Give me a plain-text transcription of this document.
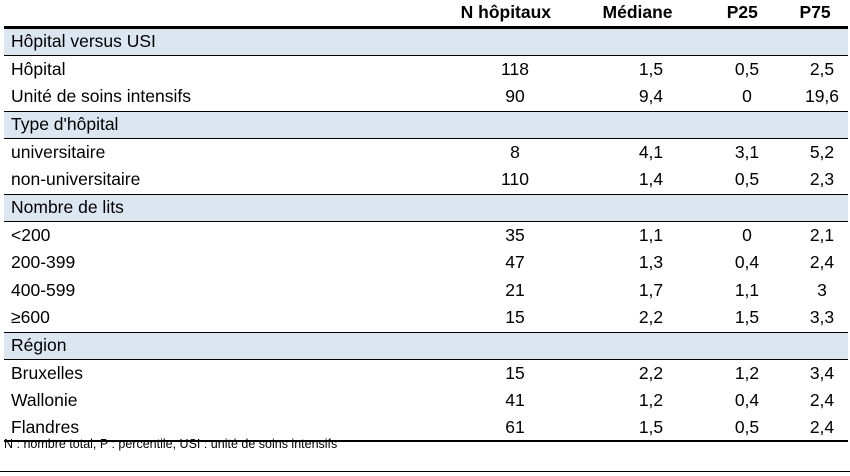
N hôpitaux	Médiane	P25	P75
Hôpital versus USI
Hôpital	118	1,5	0,5	2,5
Unité de soins intensifs	90	9,4	0	19,6
Type d'hôpital
universitaire	8	4,1	3,1	5,2
non-universitaire	110	1,4	0,5	2,3
Nombre de lits
<200	35	1,1	0	2,1
200-399	47	1,3	0,4	2,4
400-599	21	1,7	1,1	3
≥600	15	2,2	1,5	3,3
Région
Bruxelles	15	2,2	1,2	3,4
Wallonie	41	1,2	0,4	2,4
Flandres	61	1,5	0,5	2,4
N : nombre total, P : percentile, USI : unité de soins intensifs
